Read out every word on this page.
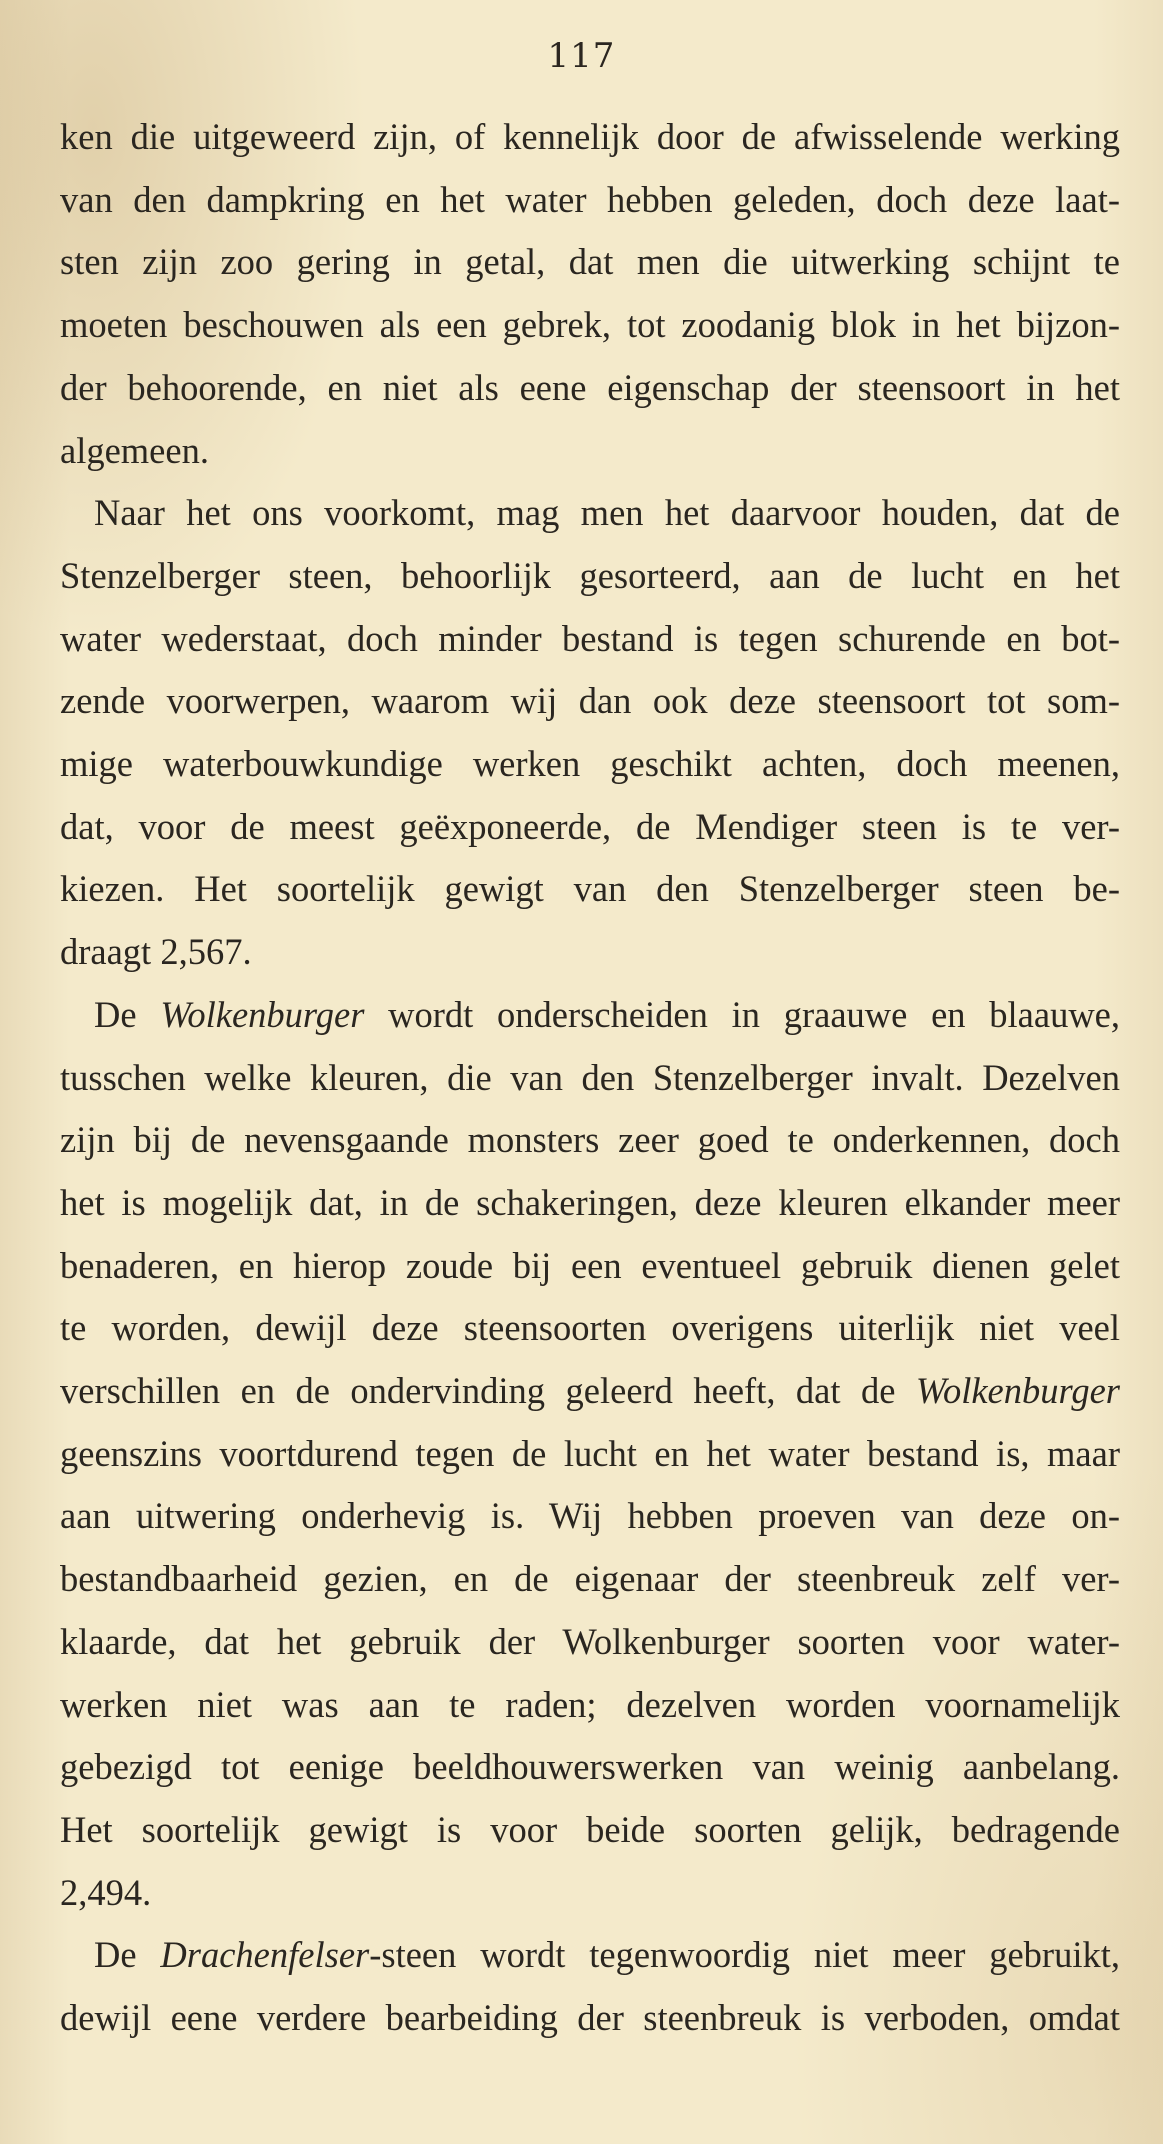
117
ken die uitgeweerd zijn, of kennelijk door de afwisselende werking
van den dampkring en het water hebben geleden, doch deze laat-
sten zijn zoo gering in getal, dat men die uitwerking schijnt te
moeten beschouwen als een gebrek, tot zoodanig blok in het bijzon-
der behoorende, en niet als eene eigenschap der steensoort in het
algemeen.
Naar het ons voorkomt, mag men het daarvoor houden, dat de
Stenzelberger steen, behoorlijk gesorteerd, aan de lucht en het
water wederstaat, doch minder bestand is tegen schurende en bot-
zende voorwerpen, waarom wij dan ook deze steensoort tot som-
mige waterbouwkundige werken geschikt achten, doch meenen,
dat, voor de meest geëxponeerde, de Mendiger steen is te ver-
kiezen. Het soortelijk gewigt van den Stenzelberger steen be-
draagt 2,567.
De Wolkenburger wordt onderscheiden in graauwe en blaauwe,
tusschen welke kleuren, die van den Stenzelberger invalt. Dezelven
zijn bij de nevensgaande monsters zeer goed te onderkennen, doch
het is mogelijk dat, in de schakeringen, deze kleuren elkander meer
benaderen, en hierop zoude bij een eventueel gebruik dienen gelet
te worden, dewijl deze steensoorten overigens uiterlijk niet veel
verschillen en de ondervinding geleerd heeft, dat de Wolkenburger
geenszins voortdurend tegen de lucht en het water bestand is, maar
aan uitwering onderhevig is. Wij hebben proeven van deze on-
bestandbaarheid gezien, en de eigenaar der steenbreuk zelf ver-
klaarde, dat het gebruik der Wolkenburger soorten voor water-
werken niet was aan te raden; dezelven worden voornamelijk
gebezigd tot eenige beeldhouwerswerken van weinig aanbelang.
Het soortelijk gewigt is voor beide soorten gelijk, bedragende
2,494.
De Drachenfelser-steen wordt tegenwoordig niet meer gebruikt,
dewijl eene verdere bearbeiding der steenbreuk is verboden, omdat
